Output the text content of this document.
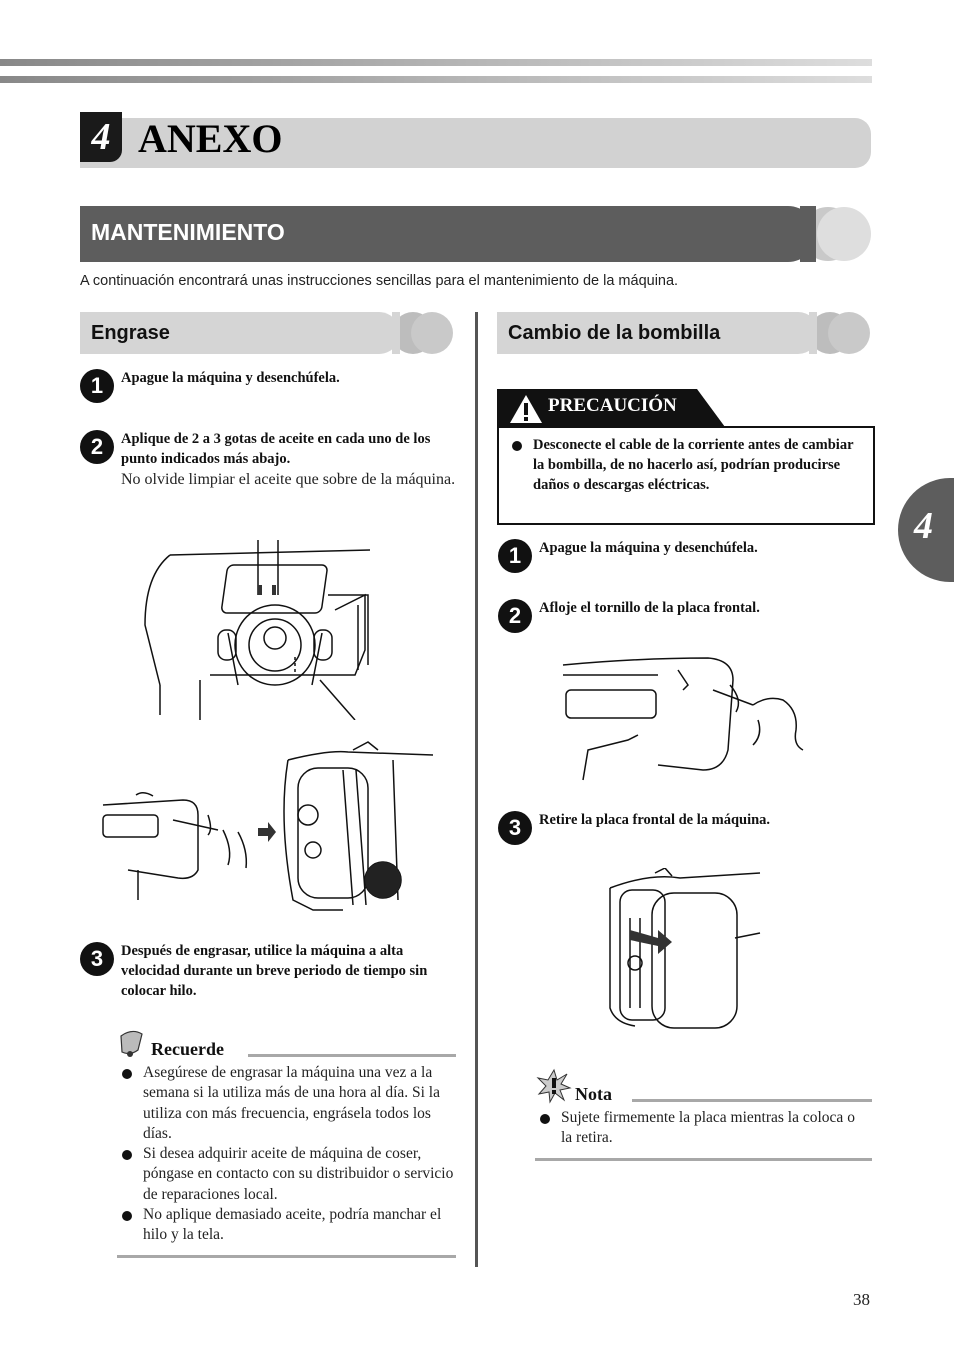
4 ANEXO
MANTENIMIENTO
A continuación encontrará unas instrucciones sencillas para el mantenimiento de la máquina.
4
Engrase
1	Apague la máquina y desenchúfela.
2	Aplique de 2 a 3 gotas de aceite en cada uno de los punto indicados más abajo.
No olvide limpiar el aceite que sobre de la máquina.
3	Después de engrasar, utilice la máquina a alta velocidad durante un breve periodo de tiempo sin colocar hilo.
Recuerde
Asegúrese de engrasar la máquina una vez a la semana si la utiliza más de una hora al día. Si la utiliza con más frecuencia, engrásela todos los días.
Si desea adquirir aceite de máquina de coser, póngase en contacto con su distribuidor o servicio de reparaciones local.
No aplique demasiado aceite, podría manchar el hilo y la tela.
Cambio de la bombilla
PRECAUCIÓN
Desconecte el cable de la corriente antes de cambiar la bombilla, de no hacerlo así, podrían producirse daños o descargas eléctricas.
1	Apague la máquina y desenchúfela.
2	Afloje el tornillo de la placa frontal.
3	Retire la placa frontal de la máquina.
Nota
Sujete firmemente la placa mientras la coloca o la retira.
38
